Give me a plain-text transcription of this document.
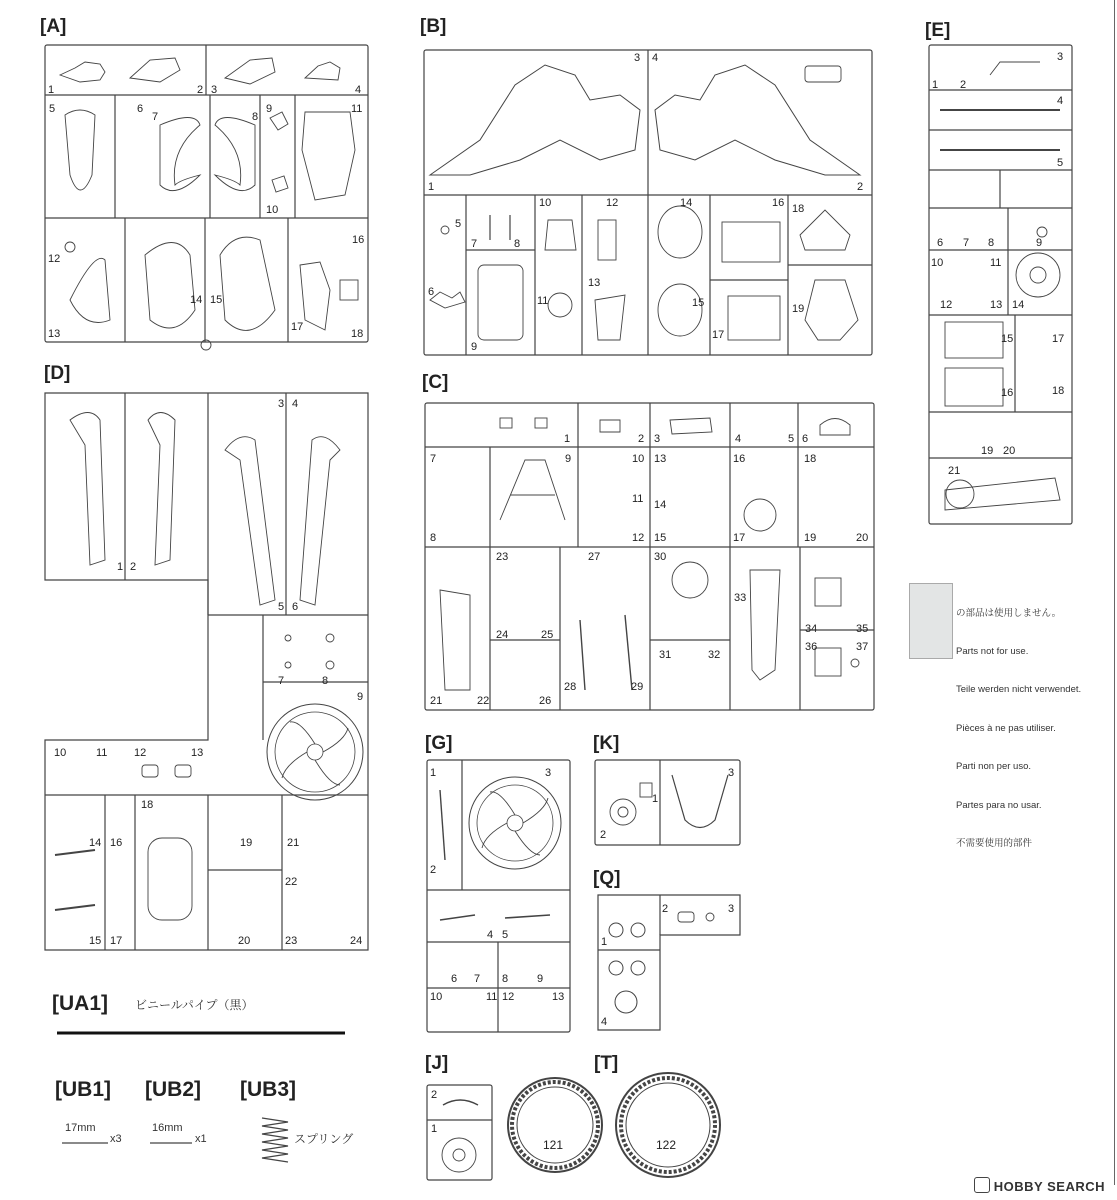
[A]	[B]	[E]
[D]	[C]
[G]	[K]
[Q]
[J]	[T]
1	2 3	4
5	6
7	8
9	11
10
12
16
13
14 15
17
18
1	2
3 4
5
6
7	8
9
10
11
12
13
14
15
16
17
18
19
1 2
3
4
5
6 7 8	9
10	11
12	13 14
15	17
16	18
19 20
21
1 2
3 4
5 6
7	8
9
10	11 12	13
14 16
18
19	21
22
15 17	20	23	24
1	2 3	4	5 6
7
8
9	10
11
12
13
14
15
16
17
18
19	20
21	22
23
24	25
26
27
28	29
30
31	32
33
34	35
36	37
1
2
3
4 5
6 7 8	9
10	11 12	13
1
2
3
1
2	3
4
2
1
121	122

の部品は使用しません。

Parts not for use.

Teile werden nicht verwendet.

Pièces à ne pas utiliser.

Parti non per uso.

Partes para no usar.

不需要使用的部件

[UA1] ビニールパイプ（黒）
[UB1] [UB2] [UB3]
17mm
x3
16mm
x1	スプリング
HOBBY SEARCH
